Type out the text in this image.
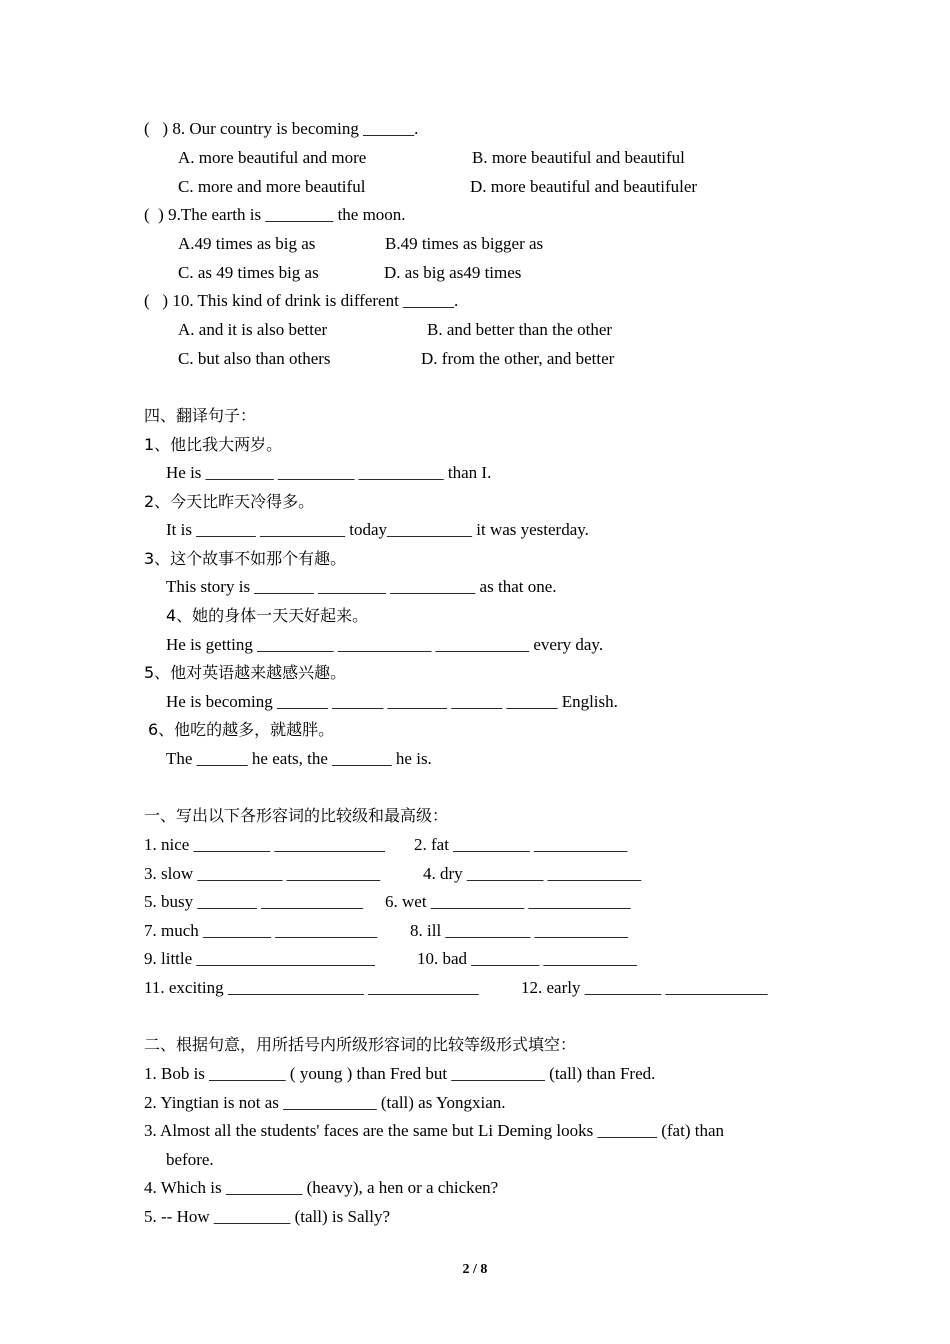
(   ) 8. Our country is becoming ______.
A. more beautiful and more	B. more beautiful and beautiful
C. more and more beautiful	D. more beautiful and beautifuler
(  ) 9.The earth is ________ the moon.
A.49 times as big as	B.49 times as bigger as
C. as 49 times big as	D. as big as49 times
(   ) 10. This kind of drink is different ______.
A. and it is also better	B. and better than the other
C. but also than others	D. from the other, and better
四、翻译句子：
1、他比我大两岁。
He is ________ _________ __________ than I.
2、今天比昨天冷得多。
It is _______ __________ today__________ it was yesterday.
3、这个故事不如那个有趣。
This story is _______ ________ __________ as that one.
4、她的身体一天天好起来。
He is getting _________ ___________ ___________ every day.
5、他对英语越来越感兴趣。
He is becoming ______ ______ _______ ______ ______ English.
6、他吃的越多，就越胖。
The ______ he eats, the _______ he is.
一、写出以下各形容词的比较级和最高级：
1. nice _________ _____________ 2. fat _________ ___________
3. slow __________ ___________	4. dry _________ ___________
5. busy _______ ____________ 6. wet ___________ ____________
7. much ________ ____________ 8. ill __________ ___________
9. little _____________________ 10. bad ________ ___________
11. exciting ________________ _____________ 12. early _________ ____________
二、根据句意，用所括号内所级形容词的比较等级形式填空：
1. Bob is _________ ( young ) than Fred but ___________ (tall) than Fred.
2. Yingtian is not as ___________ (tall) as Yongxian.
3. Almost all the students' faces are the same but Li Deming looks _______ (fat) than
before.
4. Which is _________ (heavy), a hen or a chicken?
5. -- How _________ (tall) is Sally?
2 / 8
